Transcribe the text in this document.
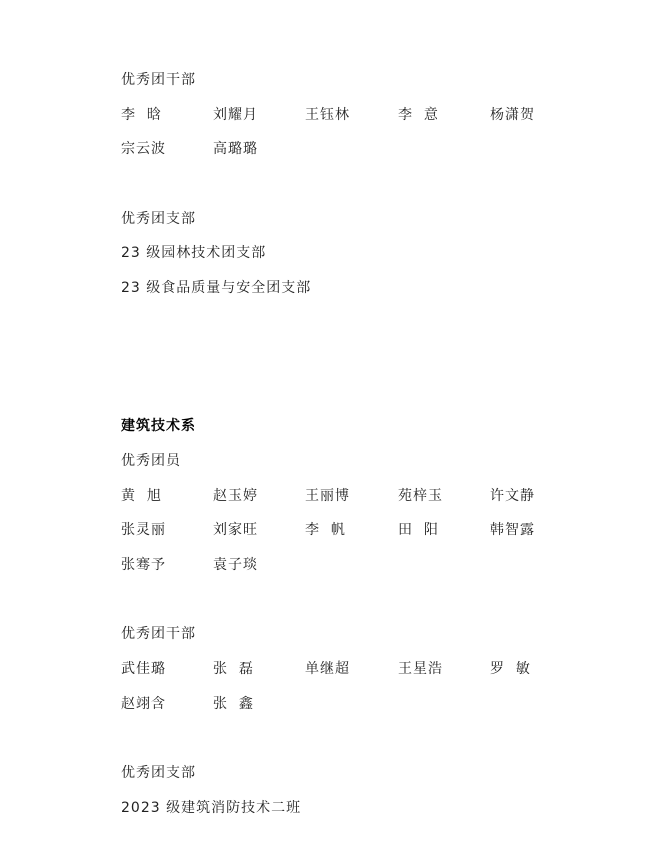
优秀团干部
李  晗	刘耀月	王钰林	李  意	杨潇贺
宗云波	高璐璐
优秀团支部
23 级园林技术团支部
23 级食品质量与安全团支部
建筑技术系
优秀团员
黄  旭	赵玉婷	王丽博	苑梓玉	许文静
张灵丽	刘家旺	李  帆	田  阳	韩智露
张骞予	袁子琰
优秀团干部
武佳璐	张  磊	单继超	王星浩	罗  敏
赵翊含	张  鑫
优秀团支部
2023 级建筑消防技术二班
